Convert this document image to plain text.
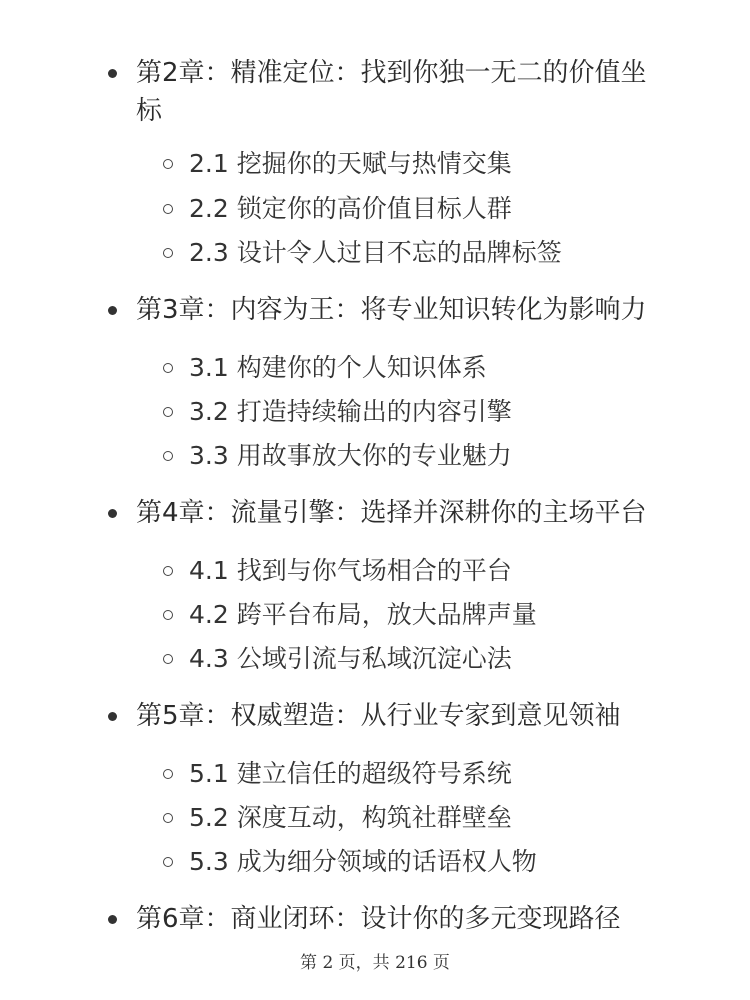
第2章：精准定位：找到你独一无二的价值坐标
2.1 挖掘你的天赋与热情交集
2.2 锁定你的高价值目标人群
2.3 设计令人过目不忘的品牌标签
第3章：内容为王：将专业知识转化为影响力
3.1 构建你的个人知识体系
3.2 打造持续输出的内容引擎
3.3 用故事放大你的专业魅力
第4章：流量引擎：选择并深耕你的主场平台
4.1 找到与你气场相合的平台
4.2 跨平台布局，放大品牌声量
4.3 公域引流与私域沉淀心法
第5章：权威塑造：从行业专家到意见领袖
5.1 建立信任的超级符号系统
5.2 深度互动，构筑社群壁垒
5.3 成为细分领域的话语权人物
第6章：商业闭环：设计你的多元变现路径
第 2 页，共 216 页
